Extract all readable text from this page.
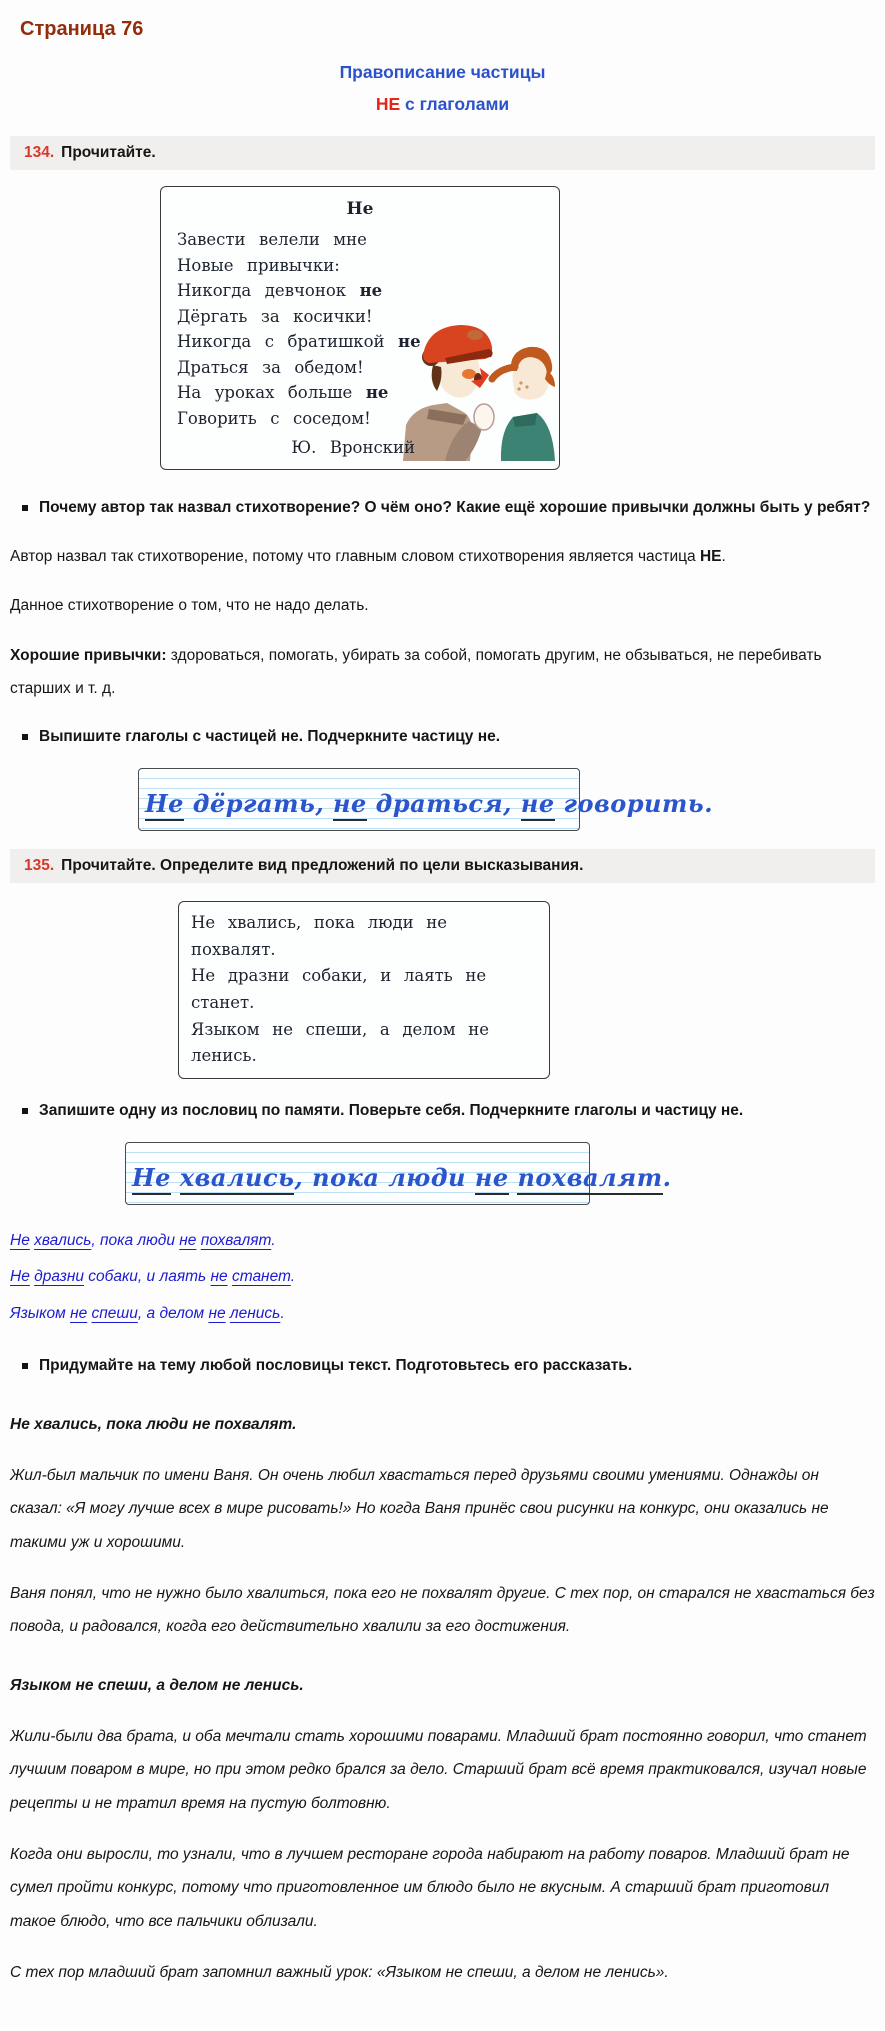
Страница 76
Правописание частицы
НЕ с глаголами
134. Прочитайте.
Не
Завести велели мне
Новые привычки:
Никогда девчонок не
Дёргать за косички!
Никогда с братишкой не
Драться за обедом!
На уроках больше не
Говорить с соседом!
Ю. Вронский
Почему автор так назвал стихотворение? О чём оно? Какие ещё хорошие привычки должны быть у ребят?

Автор назвал так стихотворение, потому что главным словом стихотворения является частица НЕ.

Данное стихотворение о том, что не надо делать.

Хорошие привычки: здороваться, помогать, убирать за собой, помогать другим, не обзываться, не перебивать старших и т. д.

Выпишите глаголы с частицей не. Подчеркните частицу не.
Не дёргать, не драться, не говорить.
135. Прочитайте. Определите вид предложений по цели высказывания.
Не хвались, пока люди не похвалят.
Не дразни собаки, и лаять не станет.
Языком не спеши, а делом не ленись.
Запишите одну из пословиц по памяти. Поверьте себя. Подчеркните глаголы и частицу не.
Не хвались, пока люди не похвалят.
Не хвались, пока люди не похвалят.
Не дразни собаки, и лаять не станет.
Языком не спеши, а делом не ленись.
Придумайте на тему любой пословицы текст. Подготовьтесь его рассказать.
Не хвались, пока люди не похвалят.
Жил-был мальчик по имени Ваня. Он очень любил хвастаться перед друзьями своими умениями. Однажды он сказал: «Я могу лучше всех в мире рисовать!» Но когда Ваня принёс свои рисунки на конкурс, они оказались не такими уж и хорошими.
Ваня понял, что не нужно было хвалиться, пока его не похвалят другие. С тех пор, он старался не хвастаться без повода, и радовался, когда его действительно хвалили за его достижения.
Языком не спеши, а делом не ленись.
Жили-были два брата, и оба мечтали стать хорошими поварами. Младший брат постоянно говорил, что станет лучшим поваром в мире, но при этом редко брался за дело. Старший брат всё время практиковался, изучал новые рецепты и не тратил время на пустую болтовню.
Когда они выросли, то узнали, что в лучшем ресторане города набирают на работу поваров. Младший брат не сумел пройти конкурс, потому что приготовленное им блюдо было не вкусным. А старший брат приготовил такое блюдо, что все пальчики облизали.
С тех пор младший брат запомнил важный урок: «Языком не спеши, а делом не ленись».
